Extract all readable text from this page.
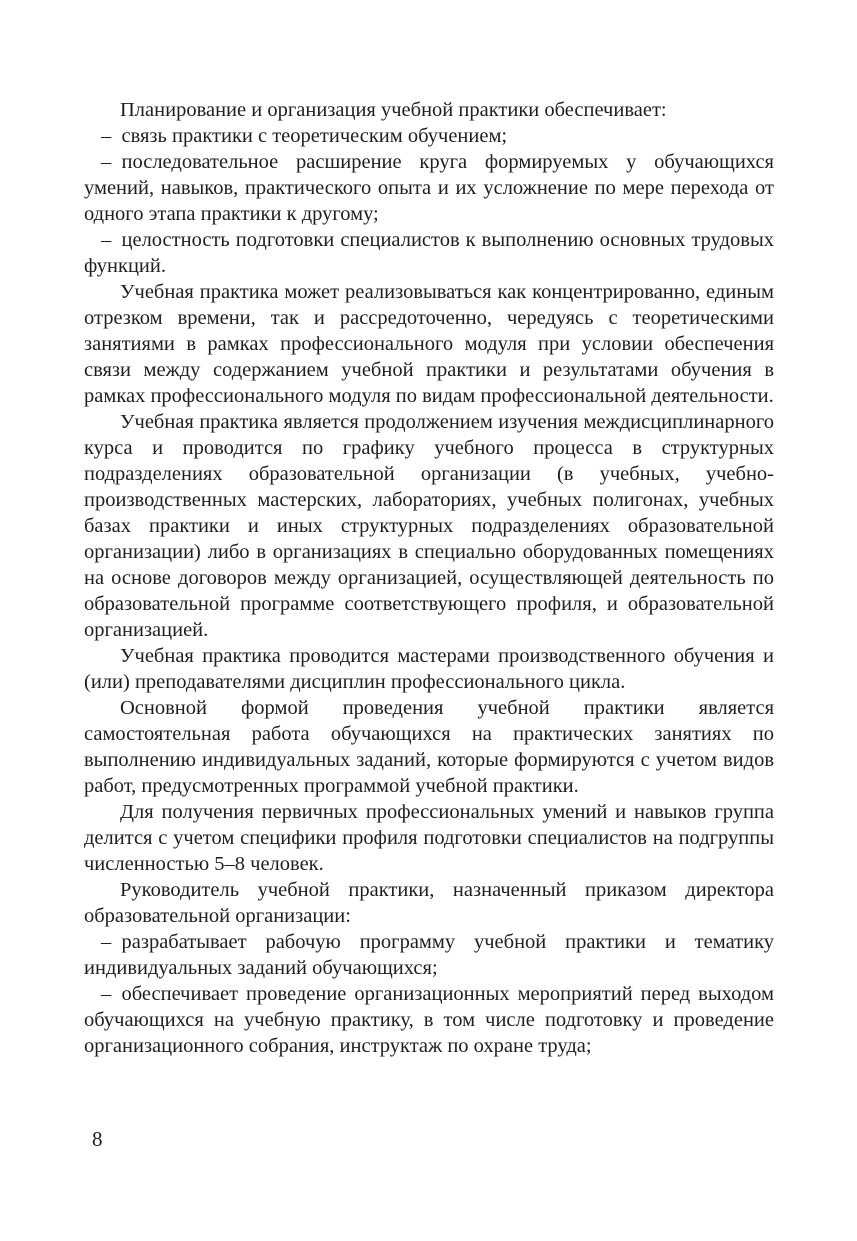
Планирование и организация учебной практики обеспечивает:

– связь практики с теоретическим обучением;

– последовательное расширение круга формируемых у обучающихся умений, навыков, практического опыта и их усложнение по мере перехода от одного этапа практики к другому;

– целостность подготовки специалистов к выполнению основных трудовых функций.

Учебная практика может реализовываться как концентрированно, единым отрезком времени, так и рассредоточенно, чередуясь с теоретическими занятиями в рамках профессионального модуля при условии обеспечения связи между содержанием учебной практики и результатами обучения в рамках профессионального модуля по видам профессиональной деятельности.

Учебная практика является продолжением изучения междисциплинарного курса и проводится по графику учебного процесса в структурных подразделениях образовательной организации (в учебных, учебно-производственных мастерских, лабораториях, учебных полигонах, учебных базах практики и иных структурных подразделениях образовательной организации) либо в организациях в специально оборудованных помещениях на основе договоров между организацией, осуществляющей деятельность по образовательной программе соответствующего профиля, и образовательной организацией.

Учебная практика проводится мастерами производственного обучения и (или) преподавателями дисциплин профессионального цикла.

Основной формой проведения учебной практики является самостоятельная работа обучающихся на практических занятиях по выполнению индивидуальных заданий, которые формируются с учетом видов работ, предусмотренных программой учебной практики.

Для получения первичных профессиональных умений и навыков группа делится с учетом специфики профиля подготовки специалистов на подгруппы численностью 5–8 человек.

Руководитель учебной практики, назначенный приказом директора образовательной организации:

– разрабатывает рабочую программу учебной практики и тематику индивидуальных заданий обучающихся;

– обеспечивает проведение организационных мероприятий перед выходом обучающихся на учебную практику, в том числе подготовку и проведение организационного собрания, инструктаж по охране труда;

8
